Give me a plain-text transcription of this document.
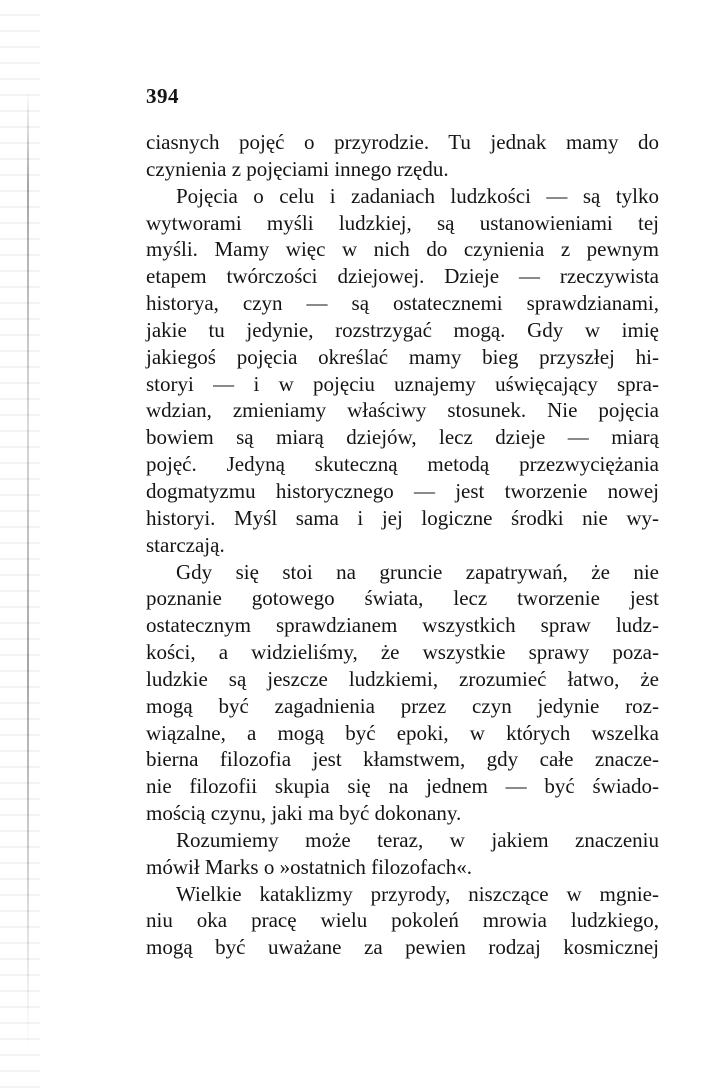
394
ciasnych pojęć o przyrodzie. Tu jednak mamy do
czynienia z pojęciami innego rzędu.
Pojęcia o celu i zadaniach ludzkości — są tylko
wytworami myśli ludzkiej, są ustanowieniami tej
myśli. Mamy więc w nich do czynienia z pewnym
etapem twórczości dziejowej. Dzieje — rzeczywista
historya, czyn — są ostatecznemi sprawdzianami,
jakie tu jedynie, rozstrzygać mogą. Gdy w imię
jakiegoś pojęcia określać mamy bieg przyszłej hi-
storyi — i w pojęciu uznajemy uświęcający spra-
wdzian, zmieniamy właściwy stosunek. Nie pojęcia
bowiem są miarą dziejów, lecz dzieje — miarą
pojęć. Jedyną skuteczną metodą przezwyciężania
dogmatyzmu historycznego — jest tworzenie nowej
historyi. Myśl sama i jej logiczne środki nie wy-
starczają.
Gdy się stoi na gruncie zapatrywań, że nie
poznanie gotowego świata, lecz tworzenie jest
ostatecznym sprawdzianem wszystkich spraw ludz-
kości, a widzieliśmy, że wszystkie sprawy poza-
ludzkie są jeszcze ludzkiemi, zrozumieć łatwo, że
mogą być zagadnienia przez czyn jedynie roz-
wiązalne, a mogą być epoki, w których wszelka
bierna filozofia jest kłamstwem, gdy całe znacze-
nie filozofii skupia się na jednem — być świado-
mością czynu, jaki ma być dokonany.
Rozumiemy może teraz, w jakiem znaczeniu
mówił Marks o »ostatnich filozofach«.
Wielkie kataklizmy przyrody, niszczące w mgnie-
niu oka pracę wielu pokoleń mrowia ludzkiego,
mogą być uważane za pewien rodzaj kosmicznej
